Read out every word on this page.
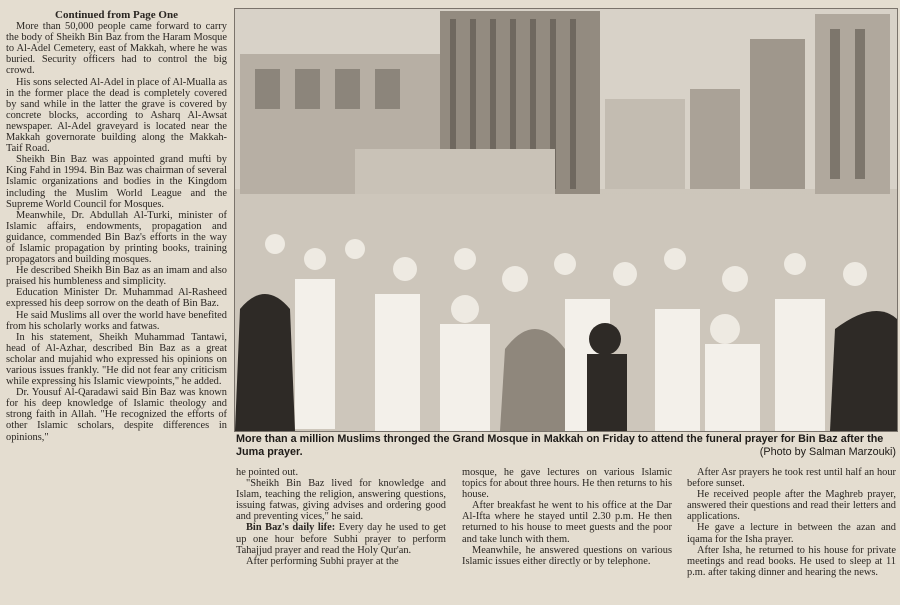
Continued from Page One

More than 50,000 people came forward to carry the body of Sheikh Bin Baz from the Haram Mosque to Al-Adel Cemetery, east of Makkah, where he was buried. Security officers had to control the big crowd.

His sons selected Al-Adel in place of Al-Mualla as in the former place the dead is completely covered by sand while in the latter the grave is covered by concrete blocks, according to Asharq Al-Awsat newspaper. Al-Adel graveyard is located near the Makkah governorate building along the Makkah-Taif Road.

Sheikh Bin Baz was appointed grand mufti by King Fahd in 1994. Bin Baz was chairman of several Islamic organizations and bodies in the Kingdom including the Muslim World League and the Supreme World Council for Mosques.

Meanwhile, Dr. Abdullah Al-Turki, minister of Islamic affairs, endowments, propagation and guidance, commended Bin Baz's efforts in the way of Islamic propagation by printing books, training propagators and building mosques.

He described Sheikh Bin Baz as an imam and also praised his humbleness and simplicity.

Education Minister Dr. Muhammad Al-Rasheed expressed his deep sorrow on the death of Bin Baz.

He said Muslims all over the world have benefited from his scholarly works and fatwas.

In his statement, Sheikh Muhammad Tantawi, head of Al-Azhar, described Bin Baz as a great scholar and mujahid who expressed his opinions on various issues frankly. "He did not fear any criticism while expressing his Islamic viewpoints," he added.

Dr. Yousuf Al-Qaradawi said Bin Baz was known for his deep knowledge of Islamic theology and strong faith in Allah. "He recognized the efforts of other Islamic scholars, despite differences in opinions,"	More than a million Muslims thronged the Grand Mosque in Makkah on Friday to attend the funeral prayer for Bin Baz after the Juma prayer.	(Photo by Salman Marzouki)

he pointed out.

"Sheikh Bin Baz lived for knowledge and Islam, teaching the religion, answering questions, issuing fatwas, giving advises and ordering good and preventing vices," he said.

Bin Baz's daily life: Every day he used to get up one hour before Subhi prayer to perform Tahajjud prayer and read the Holy Qur'an.

After performing Subhi prayer at the

mosque, he gave lectures on various Islamic topics for about three hours. He then returns to his house.

After breakfast he went to his office at the Dar Al-Ifta where he stayed until 2.30 p.m. He then returned to his house to meet guests and the poor and take lunch with them.

Meanwhile, he answered questions on various Islamic issues either directly or by telephone.

After Asr prayers he took rest until half an hour before sunset.

He received people after the Maghreb prayer, answered their questions and read their letters and applications.

He gave a lecture in between the azan and iqama for the Isha prayer.

After Isha, he returned to his house for private meetings and read books. He used to sleep at 11 p.m. after taking dinner and hearing the news.
